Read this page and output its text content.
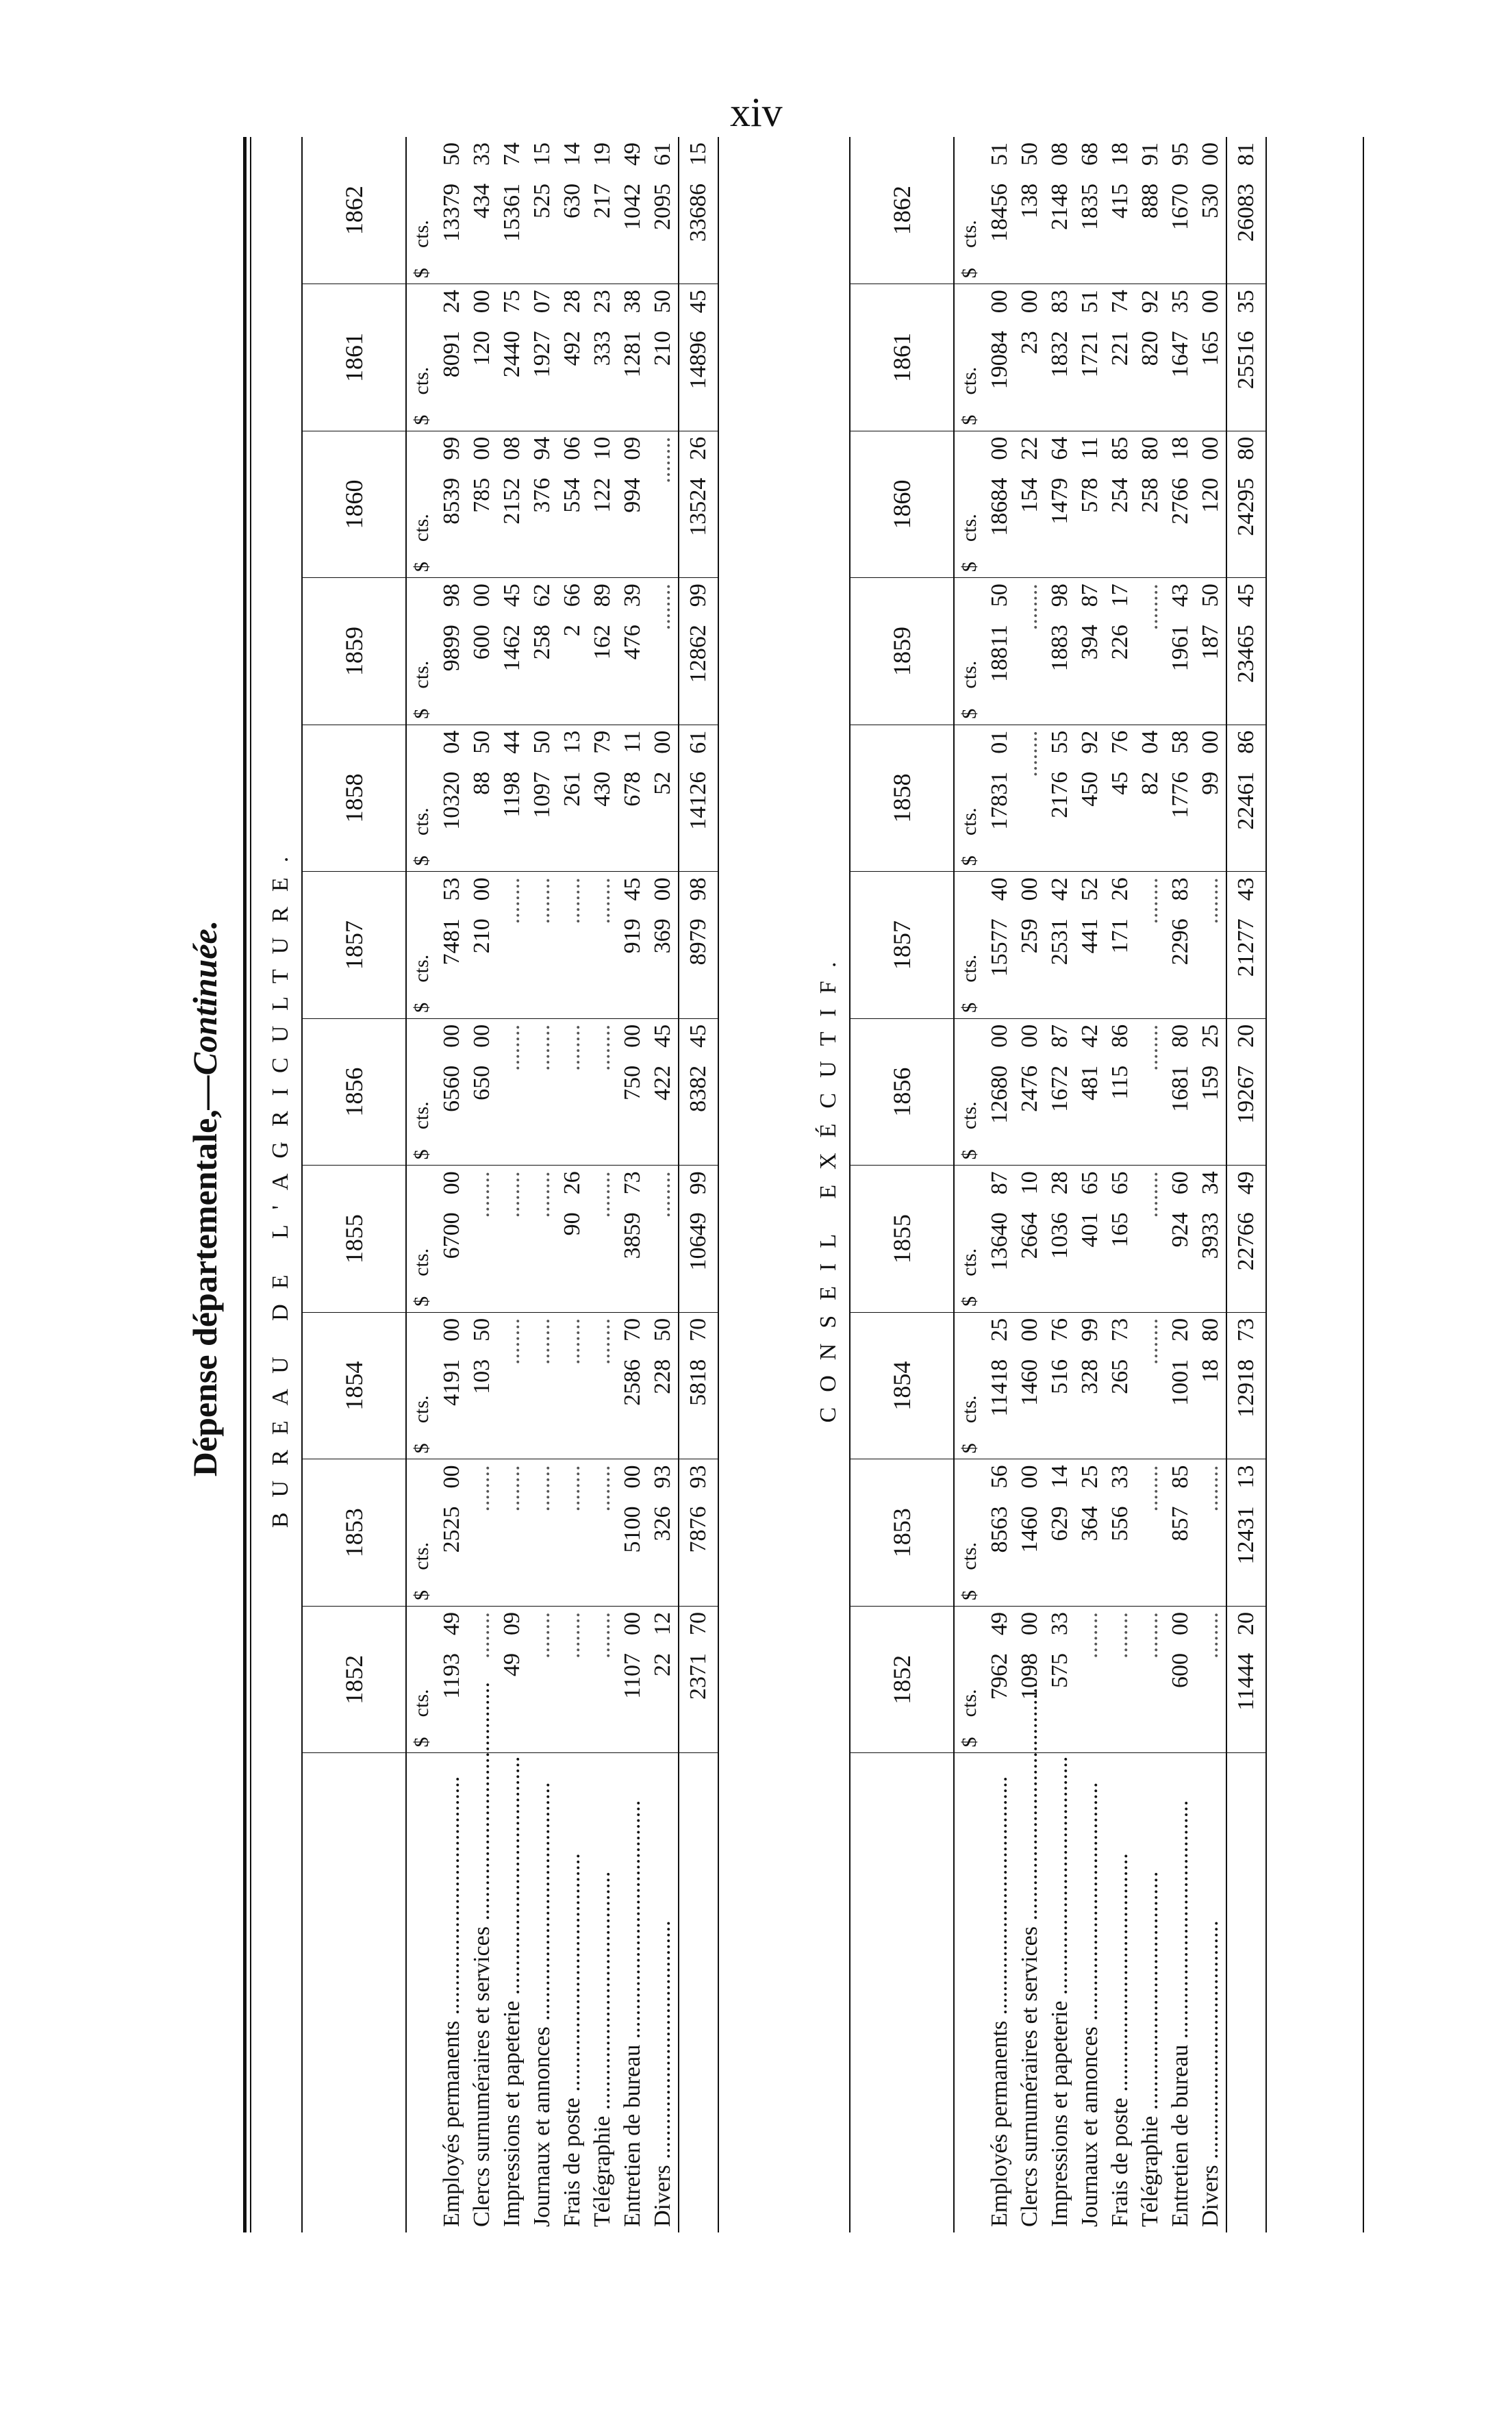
xiv
Dépense départementale,—Continuée.	BUREAU DE L'AGRICULTURE.
	1852	1853	1854	1855	1856	1857	1858	1859	1860	1861	1862
	$cts.	$cts.	$cts.	$cts.	$cts.	$cts.	$cts.	$cts.	$cts.	$cts.	$cts.
Employés permanents .....	119349	252500	419100	670000	656000	748153	1032004	989998	853999	809124	1337950
Clercs surnuméraires et services .....	........	........	10350	........	65000	21000	8850	60000	78500	12000	43433
Impressions et papeterie .....	4909	........	........	........	........	........	119844	146245	215208	244075	1536174
Journaux et annonces .....	........	........	........	........	........	........	109750	25862	37694	192707	52515
Frais de poste .....	........	........	........	9026	........	........	26113	266	55406	49228	63014
Télégraphie .....	........	........	........	........	........	........	43079	16289	12210	33323	21719
Entretien de bureau .....	110700	510000	258670	385973	75000	91945	67811	47639	99409	128138	104249
Divers .....	2212	32693	22850	........	42245	36900	5200	........	........	21050	209561
	237170	787693	581870	1064999	838245	897998	1412661	1286299	1352426	1489645	3368615
CONSEIL EXÉCUTIF.
	1852	1853	1854	1855	1856	1857	1858	1859	1860	1861	1862
	$cts.	$cts.	$cts.	$cts.	$cts.	$cts.	$cts.	$cts.	$cts.	$cts.	$cts.
Employés permanents .....	796249	856356	1141825	1364087	1268000	1557740	1783101	1881150	1868400	1908400	1845651
Clercs surnuméraires et services .....	109800	146000	146000	266410	247600	25900	........	........	15422	2300	13850
Impressions et papeterie .....	57533	62914	51676	103628	167287	253142	217655	188398	147964	183283	214808
Journaux et annonces .....	........	36425	32899	40165	48142	44152	45092	39487	57811	172151	183568
Frais de poste .....	........	55633	26573	16565	11586	17126	4576	22617	25485	22174	41518
Télégraphie .....	........	........	........	........	........	........	8204	........	25880	82092	88891
Entretien de bureau .....	60000	85785	100120	92460	168180	229683	177658	196143	276618	164735	167095
Divers .....	........	........	1880	393334	15925	........	9900	18750	12000	16500	53000
	1144420	1243113	1291873	2276649	1926720	2127743	2246186	2346545	2429580	2551635	2608381
